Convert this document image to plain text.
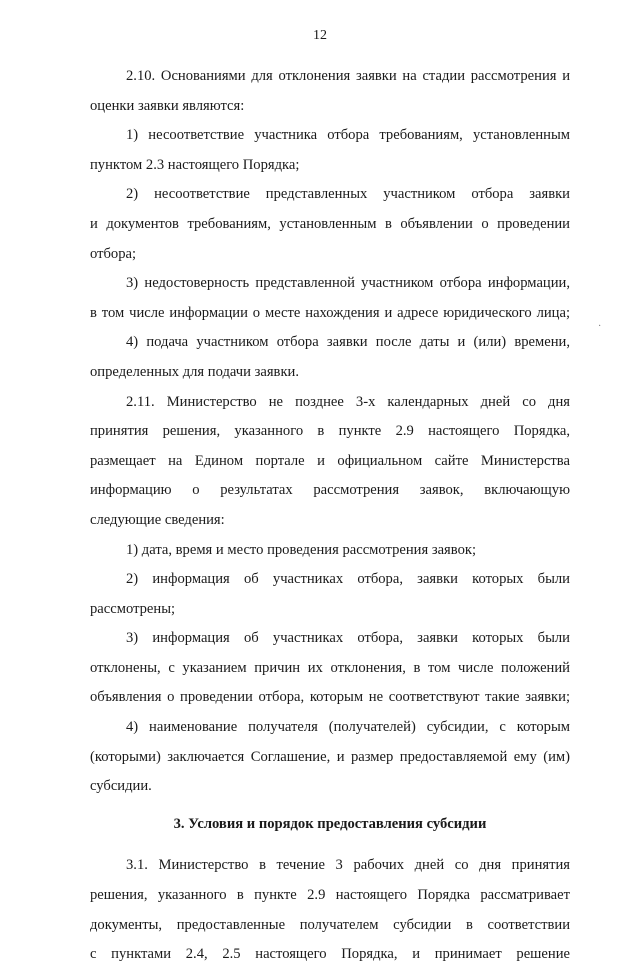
12
2.10. Основаниями для отклонения заявки на стадии рассмотрения и
оценки заявки являются:
1) несоответствие участника отбора требованиям, установленным
пунктом 2.3 настоящего Порядка;
2) несоответствие представленных участником отбора заявки
и документов требованиям, установленным в объявлении о проведении
отбора;
3) недостоверность представленной участником отбора информации,
в том числе информации о месте нахождения и адресе юридического лица;
4) подача участником отбора заявки после даты и (или) времени,
определенных для подачи заявки.
2.11. Министерство не позднее 3-х календарных дней со дня
принятия решения, указанного в пункте 2.9 настоящего Порядка,
размещает на Едином портале и официальном сайте Министерства
информацию о результатах рассмотрения заявок, включающую
следующие сведения:
1) дата, время и место проведения рассмотрения заявок;
2) информация об участниках отбора, заявки которых были
рассмотрены;
3) информация об участниках отбора, заявки которых были
отклонены, с указанием причин их отклонения, в том числе положений
объявления о проведении отбора, которым не соответствуют такие заявки;
4) наименование получателя (получателей) субсидии, с которым
(которыми) заключается Соглашение, и размер предоставляемой ему (им)
субсидии.
3. Условия и порядок предоставления субсидии
3.1. Министерство в течение 3 рабочих дней со дня принятия
решения, указанного в пункте 2.9 настоящего Порядка рассматривает
документы, предоставленные получателем субсидии в соответствии
с пунктами 2.4, 2.5 настоящего Порядка, и принимает решение
·
